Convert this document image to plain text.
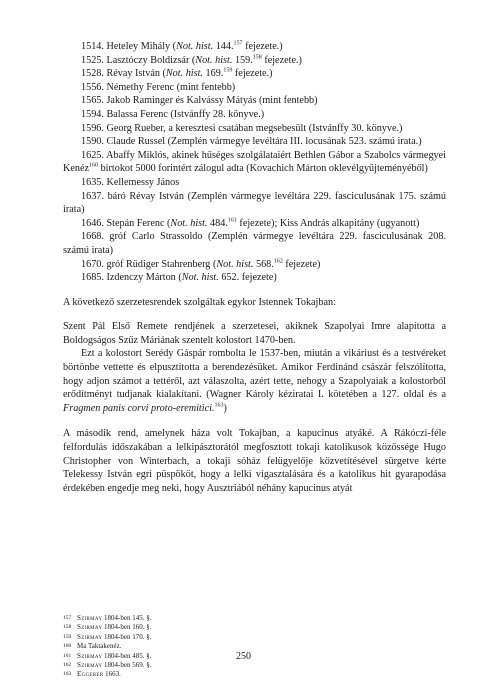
1514. Heteley Mihály (Not. hist. 144.$^{157}$ fejezete.)

1525. Lasztóczy Boldizsár (Not. hist. 159.$^{158}$ fejezete.)

1528. Révay István (Not. hist. 169.$^{159}$ fejezete.)

1556. Némethy Ferenc (mint fentebb)

1565. Jakob Raminger és Kalvássy Mátyás (mint fentebb)

1594. Balassa Ferenc (Istvánffy 28. könyve.)

1596. Georg Rueber, a keresztesi csatában megsebesült (Istvánffy 30. könyve.)

1590. Claude Russel (Zemplén vármegye levéltára III. locusának 523. számú irata.)

1625. Abaffy Miklós, akinek hűséges szolgálataiért Bethlen Gábor a Szabolcs vármegyei Kenéz$^{160}$ birtokot 5000 forintért zálogul adta (Kovachich Márton oklevélgyűjteményéből)

1635. Kellemessy János

1637. báró Révay István (Zemplén vármegye levéltára 229. fasciculusának 175. számú irata)

1646. Stepán Ferenc (Not. hist. 484.$^{161}$ fejezete); Kiss András alkapitány (ugyanott)

1668. gróf Carlo Strassoldo (Zemplén vármegye levéltára 229. fasciculusának 208. számú irata)

1670. gróf Rüdiger Stahrenberg (Not. hist. 568.$^{162}$ fejezete)

1685. Izdenczy Márton (Not. hist. 652. fejezete)

A következő szerzetesrendek szolgáltak egykor Istennek Tokajban:

Szent Pál Első Remete rendjének a szerzetesei, akiknek Szapolyai Imre alapította a Boldogságos Szűz Máriának szentelt kolostort 1470-ben.

Ezt a kolostort Serédy Gáspár rombolta le 1537-ben, miután a vikáriust és a testvéreket börtönbe vettette és elpusztította a berendezésüket. Amikor Ferdinánd császár felszólította, hogy adjon számot a tettéről, azt válaszolta, azért tette, nehogy a Szapolyaiak a kolostorból erődítményt tudjanak kialakítani. (Wagner Károly kéziratai I. kötetében a 127. oldal és a Fragmen panis corvi proto-eremitici.$^{163}$)

A második rend, amelynek háza volt Tokajban, a kapucinus atyáké. A Rákóczi-féle felfordulás időszakában a lelkipásztorától megfosztott tokaji katolikusok közössége Hugo Christopher von Winterbach, a tokaji sóház felügyelője közvetítésével sürgetve kérte Telekessy István egri püspököt, hogy a lelki vigasztalására és a katolikus hit gyarapodása érdekében engedje meg neki, hogy Ausztriából néhány kapucinus atyát

157 Szirmay 1804-ben 145. §.

158 Szirmay 1804-ben 160. §.

159 Szirmay 1804-ben 170. §.

160 Ma Taktakenéz.

161 Szirmay 1804-ben 485. §.

162 Szirmay 1804-ben 569. §.

163 Eggerer 1663.

250
